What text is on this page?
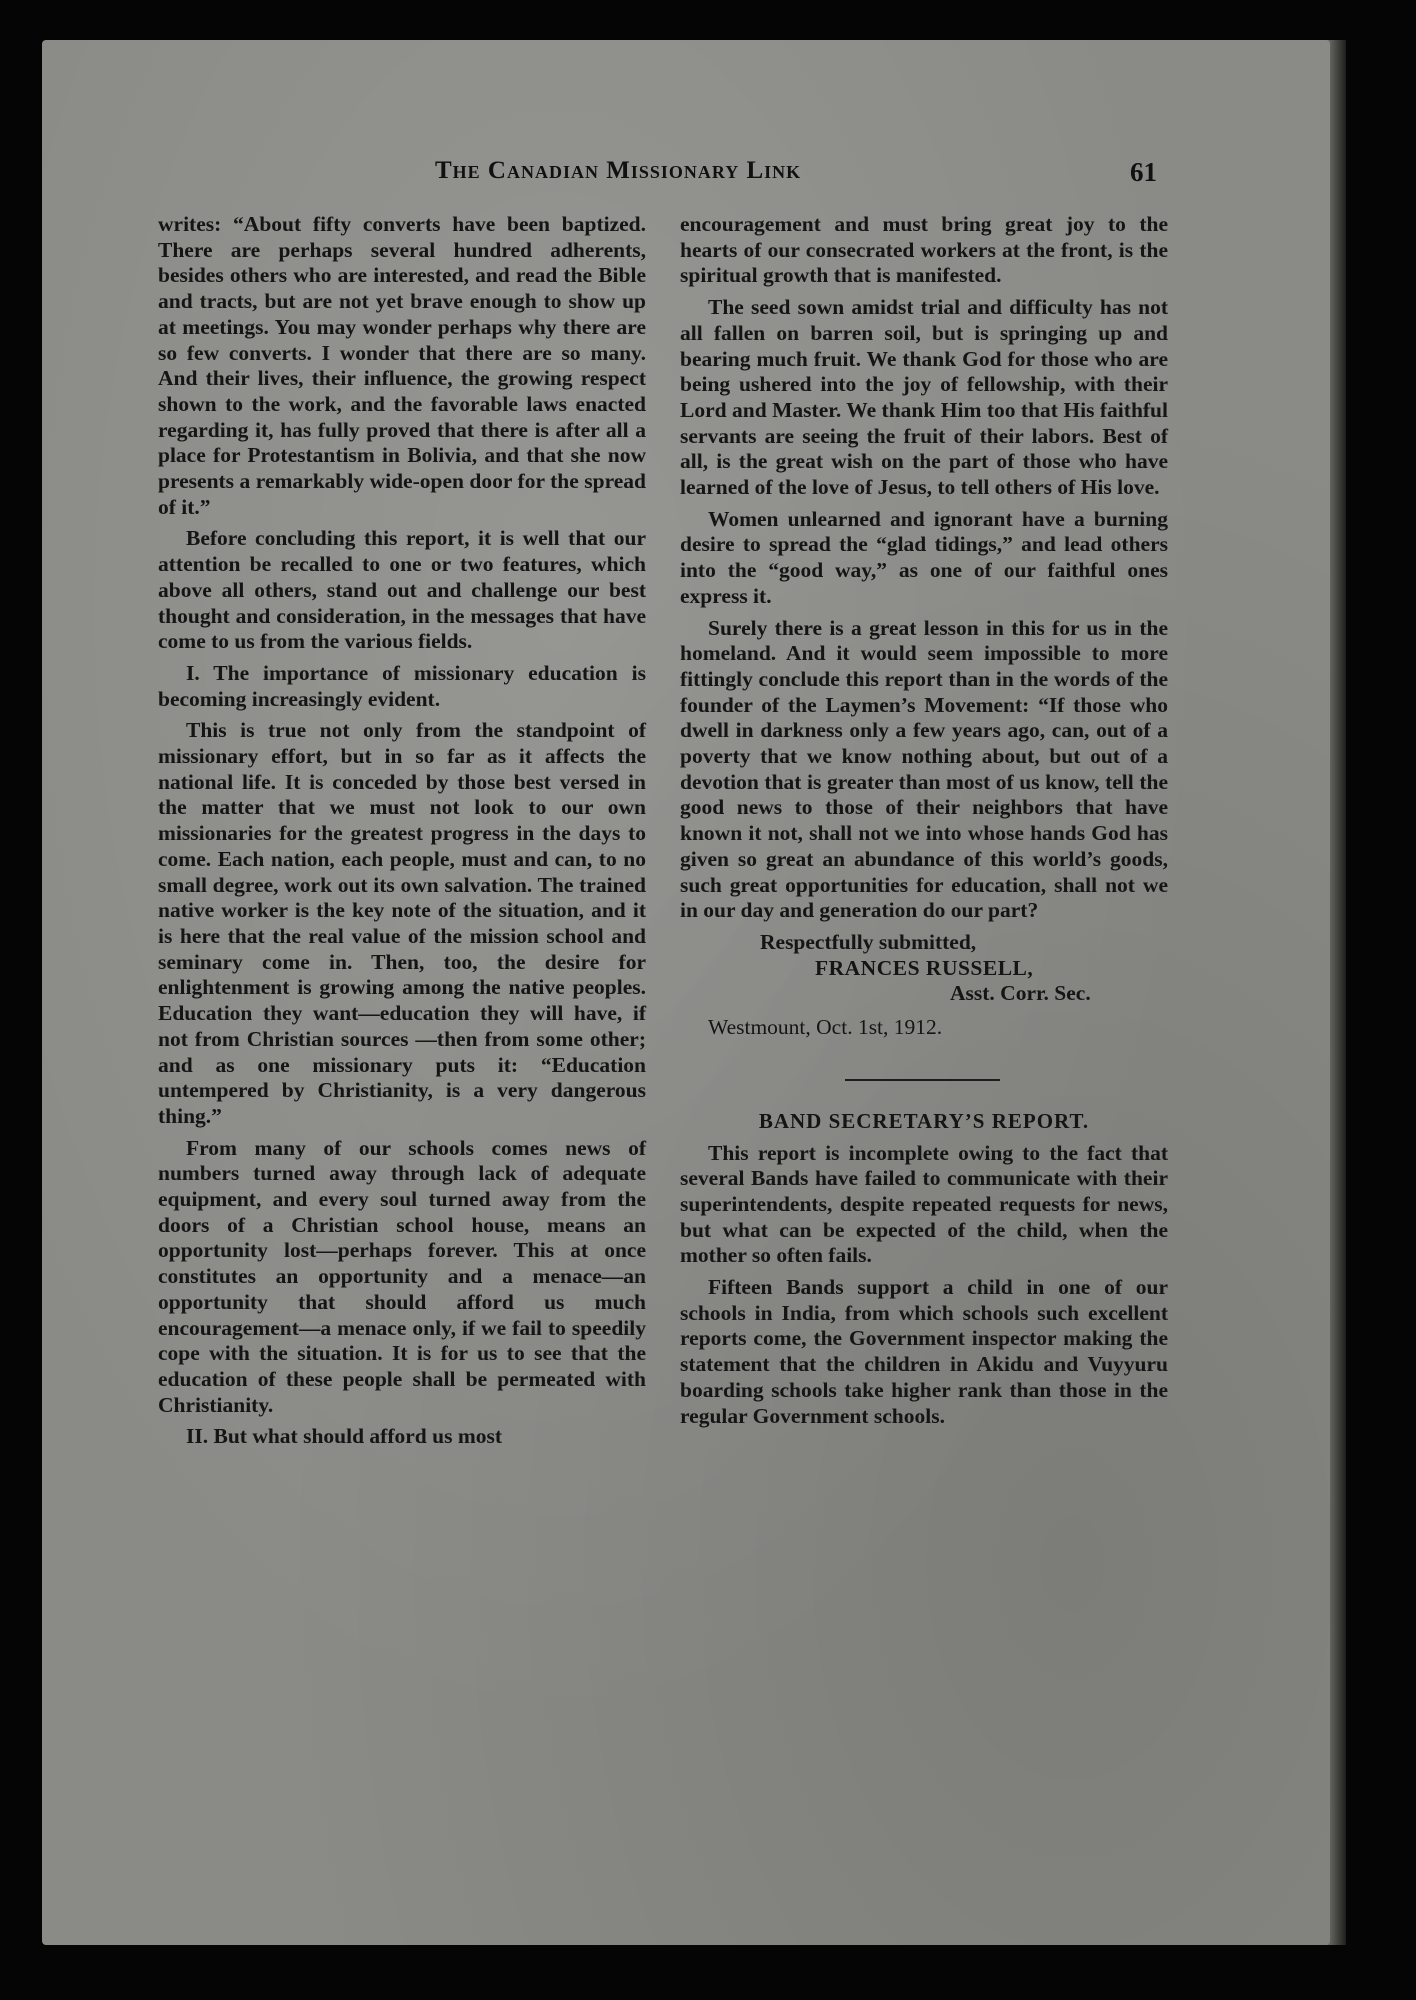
The Canadian Missionary Link	61

writes: “About fifty converts have been baptized. There are perhaps several hundred adherents, besides others who are interested, and read the Bible and tracts, but are not yet brave enough to show up at meetings. You may wonder perhaps why there are so few converts. I wonder that there are so many. And their lives, their influence, the growing respect shown to the work, and the favorable laws enacted regarding it, has fully proved that there is after all a place for Protestantism in Bolivia, and that she now presents a remarkably wide-open door for the spread of it.”

Before concluding this report, it is well that our attention be recalled to one or two features, which above all others, stand out and challenge our best thought and consideration, in the messages that have come to us from the various fields.

I. The importance of missionary education is becoming increasingly evident.

This is true not only from the standpoint of missionary effort, but in so far as it affects the national life. It is conceded by those best versed in the matter that we must not look to our own missionaries for the greatest progress in the days to come. Each nation, each people, must and can, to no small degree, work out its own salvation. The trained native worker is the key note of the situation, and it is here that the real value of the mission school and seminary come in. Then, too, the desire for enlightenment is growing among the native peoples. Education they want—education they will have, if not from Christian sources —then from some other; and as one missionary puts it: “Education untempered by Christianity, is a very dangerous thing.”

From many of our schools comes news of numbers turned away through lack of adequate equipment, and every soul turned away from the doors of a Christian school house, means an opportunity lost—perhaps forever. This at once constitutes an opportunity and a menace—an opportunity that should afford us much encouragement—a menace only, if we fail to speedily cope with the situation. It is for us to see that the education of these people shall be permeated with Christianity.

II. But what should afford us most

encouragement and must bring great joy to the hearts of our consecrated workers at the front, is the spiritual growth that is manifested.

The seed sown amidst trial and difficulty has not all fallen on barren soil, but is springing up and bearing much fruit. We thank God for those who are being ushered into the joy of fellowship, with their Lord and Master. We thank Him too that His faithful servants are seeing the fruit of their labors. Best of all, is the great wish on the part of those who have learned of the love of Jesus, to tell others of His love.

Women unlearned and ignorant have a burning desire to spread the “glad tidings,” and lead others into the “good way,” as one of our faithful ones express it.

Surely there is a great lesson in this for us in the homeland. And it would seem impossible to more fittingly conclude this report than in the words of the founder of the Laymen’s Movement: “If those who dwell in darkness only a few years ago, can, out of a poverty that we know nothing about, but out of a devotion that is greater than most of us know, tell the good news to those of their neighbors that have known it not, shall not we into whose hands God has given so great an abundance of this world’s goods, such great opportunities for education, shall not we in our day and generation do our part?

Respectfully submitted,
FRANCES RUSSELL,
Asst. Corr. Sec.
Westmount, Oct. 1st, 1912.
BAND SECRETARY’S REPORT.

This report is incomplete owing to the fact that several Bands have failed to communicate with their superintendents, despite repeated requests for news, but what can be expected of the child, when the mother so often fails.

Fifteen Bands support a child in one of our schools in India, from which schools such excellent reports come, the Government inspector making the statement that the children in Akidu and Vuyyuru boarding schools take higher rank than those in the regular Government schools.
